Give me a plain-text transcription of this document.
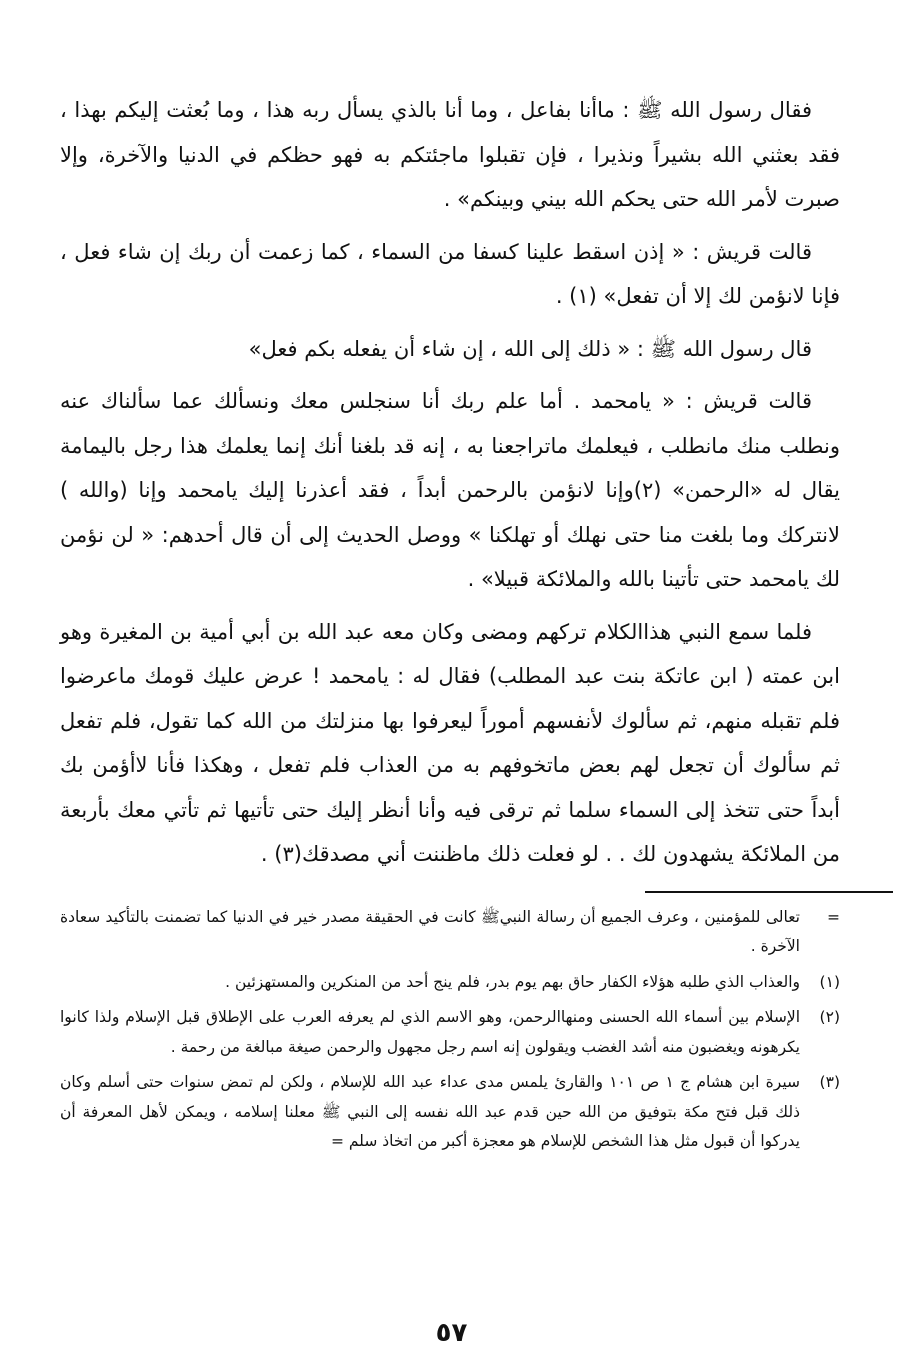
فقال رسول الله ﷺ : ماأنا بفاعل ، وما أنا بالذي يسأل ربه هذا ، وما بُعثت إليكم بهذا ، فقد بعثني الله بشيراً ونذيرا ، فإن تقبلوا ماجئتكم به فهو حظكم في الدنيا والآخرة، وإلا صبرت لأمر الله حتى يحكم الله بيني وبينكم» .

قالت قريش : « إذن اسقط علينا كسفا من السماء ، كما زعمت أن ربك إن شاء فعل ، فإنا لانؤمن لك إلا أن تفعل» (١) .

قال رسول الله ﷺ : « ذلك إلى الله ، إن شاء أن يفعله بكم فعل»

قالت قريش : « يامحمد . أما علم ربك أنا سنجلس معك ونسألك عما سألناك عنه ونطلب منك مانطلب ، فيعلمك ماتراجعنا به ، إنه قد بلغنا أنك إنما يعلمك هذا رجل باليمامة يقال له «الرحمن» (٢)وإنا لانؤمن بالرحمن أبداً ، فقد أعذرنا إليك يامحمد وإنا (والله ) لانتركك وما بلغت منا حتى نهلك أو تهلكنا » ووصل الحديث إلى أن قال أحدهم: « لن نؤمن لك يامحمد حتى تأتينا بالله والملائكة قبيلا» .

فلما سمع النبي هذاالكلام تركهم ومضى وكان معه عبد الله بن أبي أمية بن المغيرة وهو ابن عمته ( ابن عاتكة بنت عبد المطلب) فقال له : يامحمد ! عرض عليك قومك ماعرضوا فلم تقبله منهم، ثم سألوك لأنفسهم أموراً ليعرفوا بها منزلتك من الله كما تقول، فلم تفعل ثم سألوك أن تجعل لهم بعض ماتخوفهم به من العذاب فلم تفعل ، وهكذا فأنا لاأؤمن بك أبداً حتى تتخذ إلى السماء سلما ثم ترقى فيه وأنا أنظر إليك حتى تأتيها ثم تأتي معك بأربعة من الملائكة يشهدون لك . . لو فعلت ذلك ماظننت أني مصدقك(٣) .

=
تعالى للمؤمنين ، وعرف الجميع أن رسالة النبيﷺ كانت في الحقيقة مصدر خير في الدنيا كما تضمنت بالتأكيد سعادة الآخرة .

(١)
والعذاب الذي طلبه هؤلاء الكفار حاق بهم يوم بدر، فلم ينج أحد من المنكرين والمستهزئين .

(٢)
الإسلام بين أسماء الله الحسنى ومنهاالرحمن، وهو الاسم الذي لم يعرفه العرب على الإطلاق قبل الإسلام ولذا كانوا يكرهونه ويغضبون منه أشد الغضب ويقولون إنه اسم رجل مجهول والرحمن صيغة مبالغة من رحمة .

(٣)
سيرة ابن هشام ج ١ ص ١٠١ والقارئ يلمس مدى عداء عبد الله للإسلام ، ولكن لم تمض سنوات حتى أسلم وكان ذلك قبل فتح مكة بتوفيق من الله حين قدم عبد الله نفسه إلى النبي ﷺ معلنا إسلامه ، ويمكن لأهل المعرفة أن يدركوا أن قبول مثل هذا الشخص للإسلام هو معجزة أكبر من اتخاذ سلم =

٥٧
